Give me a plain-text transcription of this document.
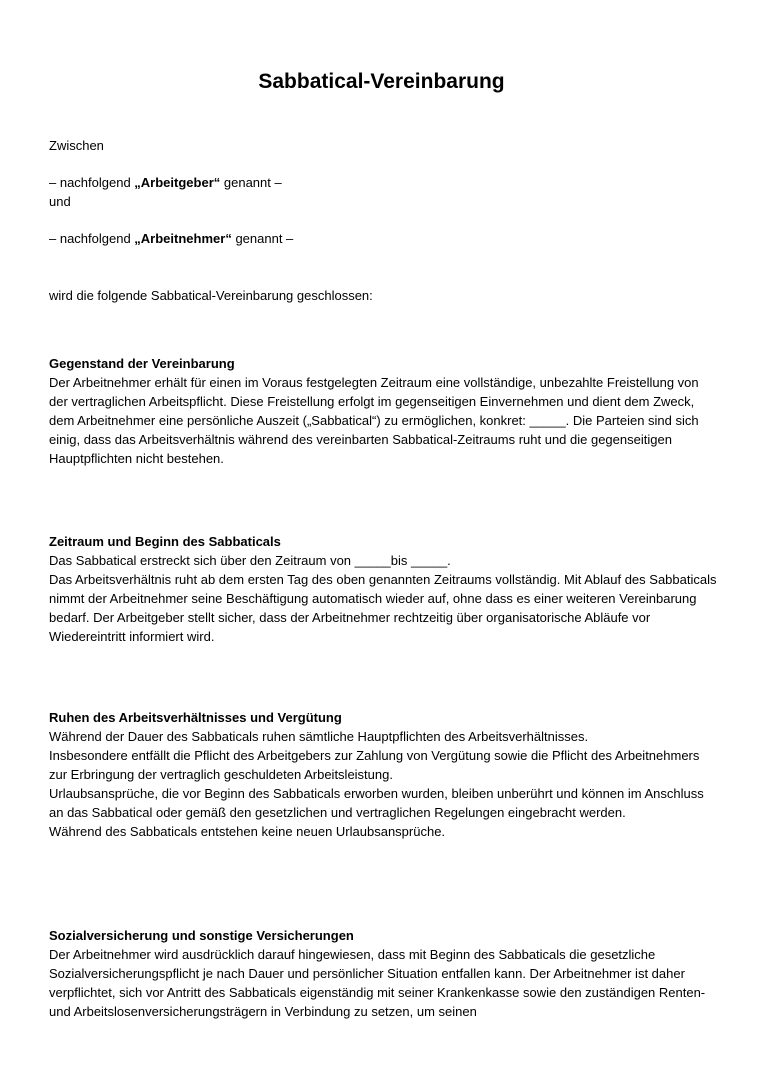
Sabbatical-Vereinbarung

Zwischen

– nachfolgend „Arbeitgeber“ genannt –

und

– nachfolgend „Arbeitnehmer“ genannt –

wird die folgende Sabbatical-Vereinbarung geschlossen:

Gegenstand der Vereinbarung

Der Arbeitnehmer erhält für einen im Voraus festgelegten Zeitraum eine vollständige, unbezahlte Freistellung von der vertraglichen Arbeitspflicht. Diese Freistellung erfolgt im gegenseitigen Einvernehmen und dient dem Zweck, dem Arbeitnehmer eine persönliche Auszeit („Sabbatical“) zu ermöglichen, konkret: _____. Die Parteien sind sich einig, dass das Arbeitsverhältnis während des vereinbarten Sabbatical-Zeitraums ruht und die gegenseitigen Hauptpflichten nicht bestehen.

Zeitraum und Beginn des Sabbaticals

Das Sabbatical erstreckt sich über den Zeitraum von _____bis _____.

Das Arbeitsverhältnis ruht ab dem ersten Tag des oben genannten Zeitraums vollständig. Mit Ablauf des Sabbaticals nimmt der Arbeitnehmer seine Beschäftigung automatisch wieder auf, ohne dass es einer weiteren Vereinbarung bedarf. Der Arbeitgeber stellt sicher, dass der Arbeitnehmer rechtzeitig über organisatorische Abläufe vor Wiedereintritt informiert wird.

Ruhen des Arbeitsverhältnisses und Vergütung

Während der Dauer des Sabbaticals ruhen sämtliche Hauptpflichten des Arbeitsverhältnisses.

Insbesondere entfällt die Pflicht des Arbeitgebers zur Zahlung von Vergütung sowie die Pflicht des Arbeitnehmers zur Erbringung der vertraglich geschuldeten Arbeitsleistung.

Urlaubsansprüche, die vor Beginn des Sabbaticals erworben wurden, bleiben unberührt und können im Anschluss an das Sabbatical oder gemäß den gesetzlichen und vertraglichen Regelungen eingebracht werden.

Während des Sabbaticals entstehen keine neuen Urlaubsansprüche.

Sozialversicherung und sonstige Versicherungen

Der Arbeitnehmer wird ausdrücklich darauf hingewiesen, dass mit Beginn des Sabbaticals die gesetzliche Sozialversicherungspflicht je nach Dauer und persönlicher Situation entfallen kann. Der Arbeitnehmer ist daher verpflichtet, sich vor Antritt des Sabbaticals eigenständig mit seiner Krankenkasse sowie den zuständigen Renten- und Arbeitslosenversicherungsträgern in Verbindung zu setzen, um seinen
